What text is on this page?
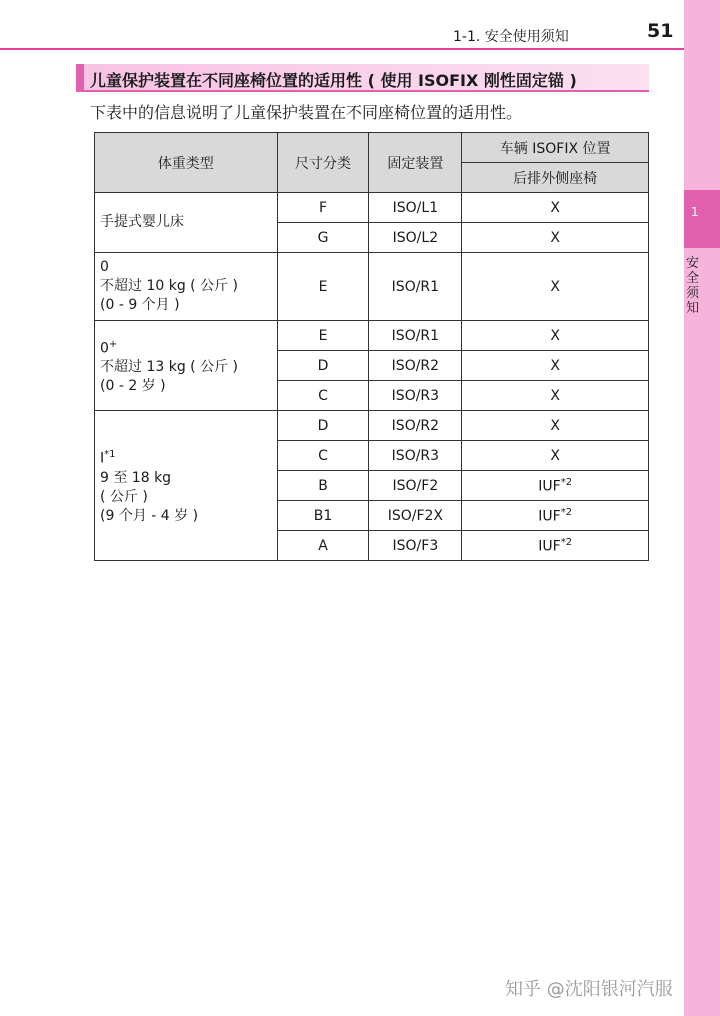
1-1. 安全使用须知	51
1
安全须知
儿童保护装置在不同座椅位置的适用性 ( 使用 ISOFIX 刚性固定锚 )
下表中的信息说明了儿童保护装置在不同座椅位置的适用性。
体重类型	尺寸分类	固定装置	车辆 ISOFIX 位置
			后排外侧座椅

手提式婴儿床	F	ISO/L1	X
	G	ISO/L2	X

0
不超过 10 kg ( 公斤 )
(0 - 9 个月 )	E	ISO/R1	X

0+
不超过 13 kg ( 公斤 )
(0 - 2 岁 )	E	ISO/R1	X
	D	ISO/R2	X
	C	ISO/R3	X

$I^{*1}$
9 至 18 kg
( 公斤 )
(9 个月 - 4 岁 )	D	ISO/R2	X
	C	ISO/R3	X
	B	ISO/F2	IUF$^{*2}$
	B1	ISO/F2X	IUF$^{*2}$
	A	ISO/F3	IUF$^{*2}$
知乎 @沈阳银河汽服
